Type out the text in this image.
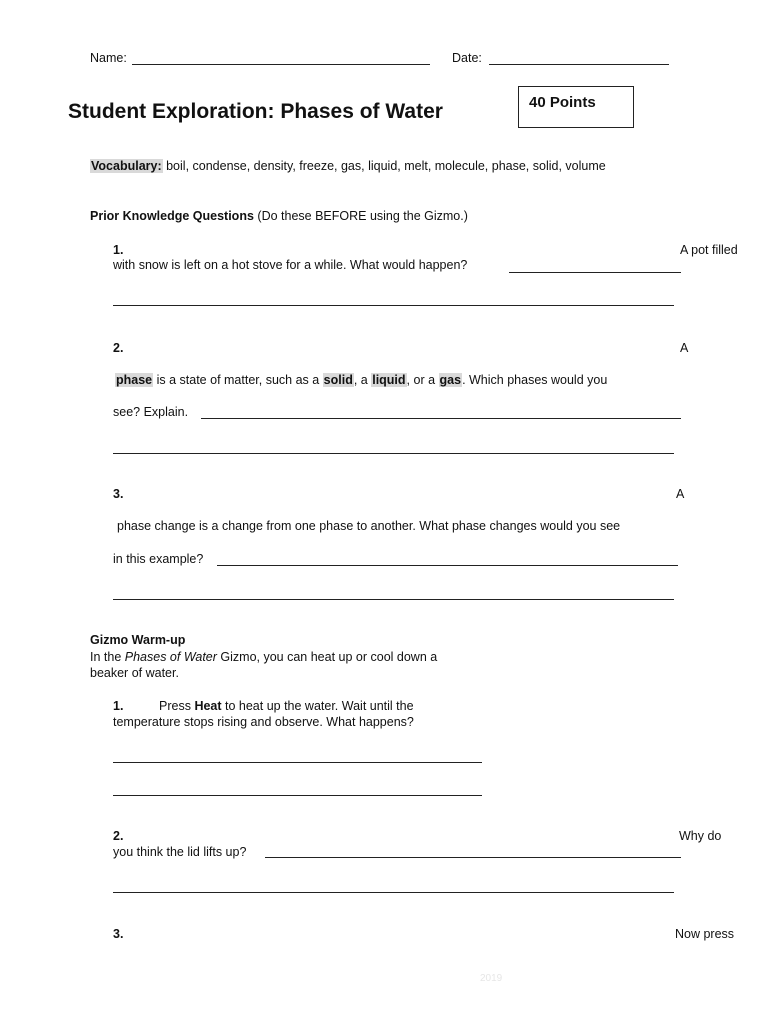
Name:	Date:
Student Exploration: Phases of Water	40 Points
Vocabulary: boil, condense, density, freeze, gas, liquid, melt, molecule, phase, solid, volume
Prior Knowledge Questions (Do these BEFORE using the Gizmo.)
1.	A pot filled
with snow is left on a hot stove for a while. What would happen?
2.	A
phase is a state of matter, such as a solid, a liquid, or a gas. Which phases would you
see? Explain.
3.	A
phase change is a change from one phase to another. What phase changes would you see
in this example?
Gizmo Warm-up
In the Phases of Water Gizmo, you can heat up or cool down a
beaker of water.
1.	Press Heat to heat up the water. Wait until the
temperature stops rising and observe. What happens?
2.	Why do
you think the lid lifts up?
3.	Now press
2019
